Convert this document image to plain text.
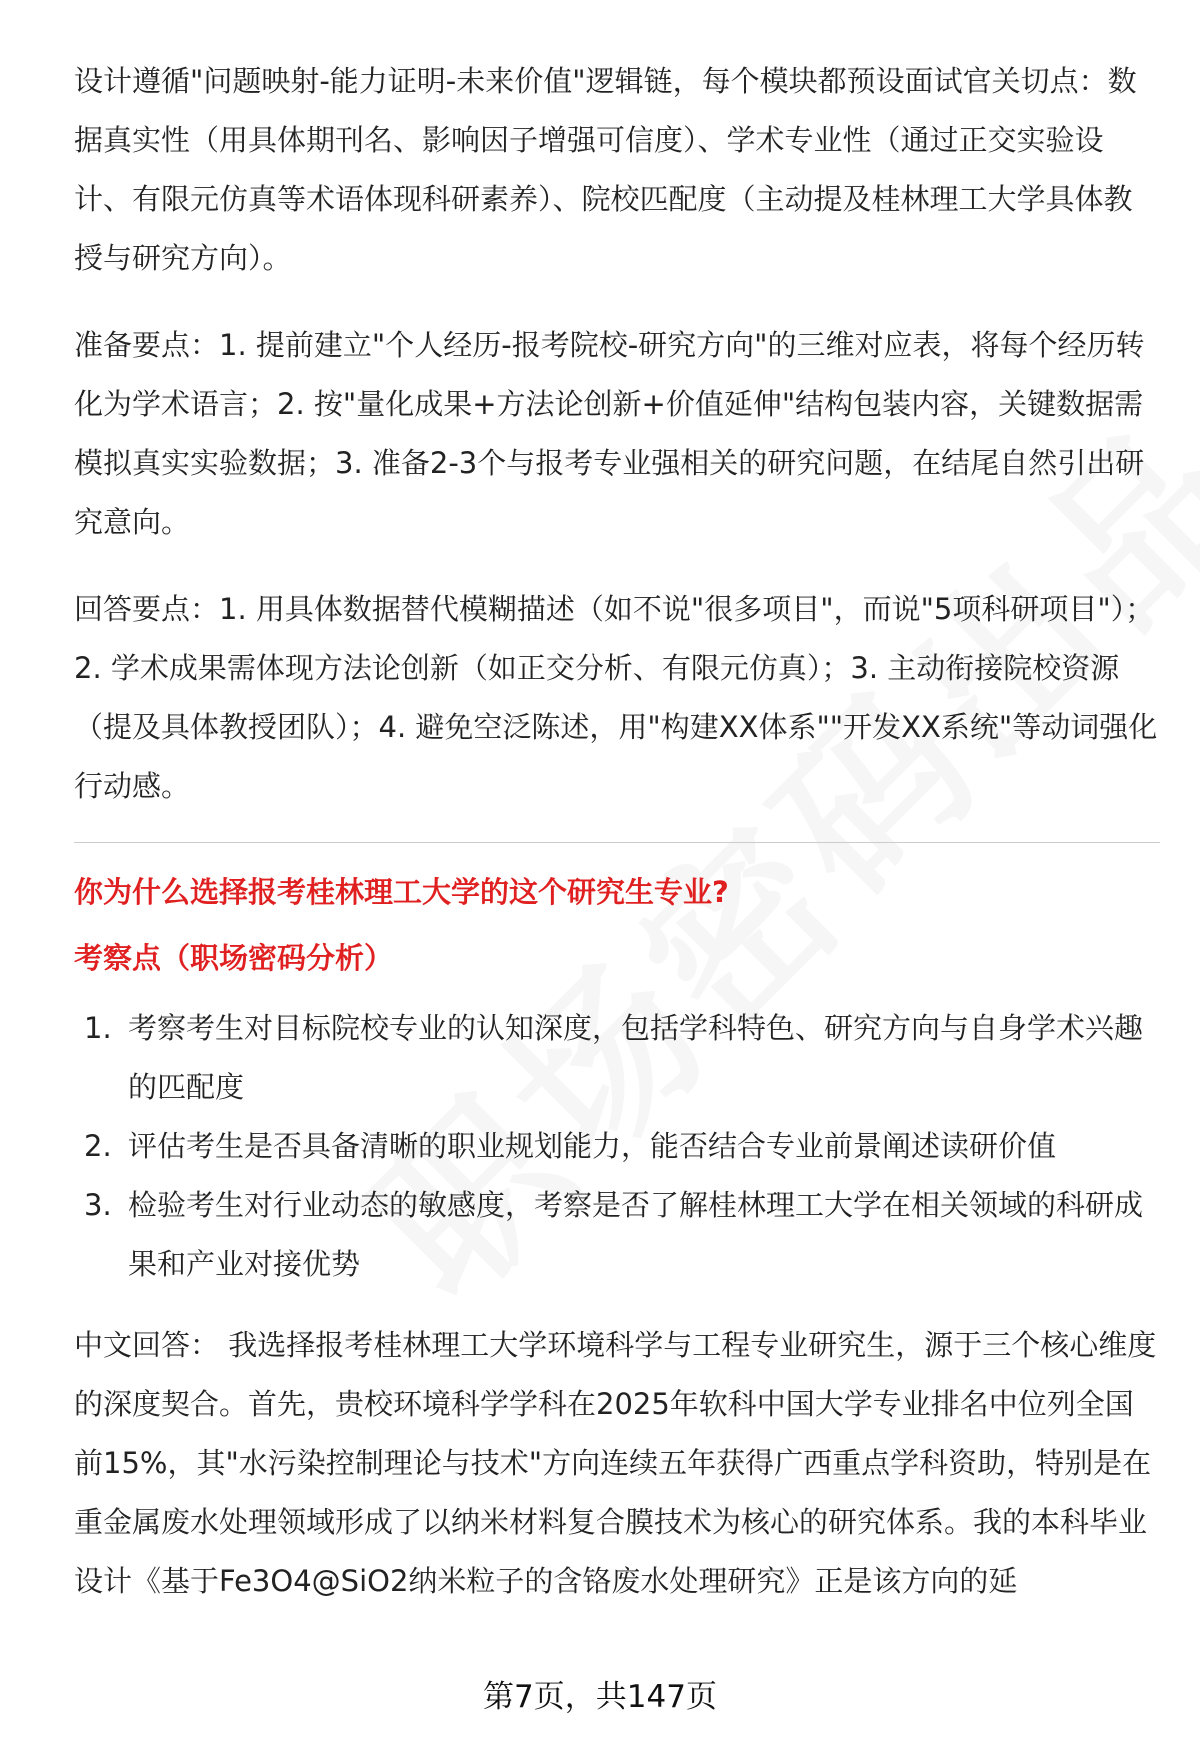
设计遵循"问题映射-能力证明-未来价值"逻辑链，每个模块都预设面试官关切点：数据真实性（用具体期刊名、影响因子增强可信度）、学术专业性（通过正交实验设计、有限元仿真等术语体现科研素养）、院校匹配度（主动提及桂林理工大学具体教授与研究方向）。

准备要点：1. 提前建立"个人经历-报考院校-研究方向"的三维对应表，将每个经历转化为学术语言；2. 按"量化成果+方法论创新+价值延伸"结构包装内容，关键数据需模拟真实实验数据；3. 准备2-3个与报考专业强相关的研究问题，在结尾自然引出研究意向。

回答要点：1. 用具体数据替代模糊描述（如不说"很多项目"，而说"5项科研项目"）；2. 学术成果需体现方法论创新（如正交分析、有限元仿真）；3. 主动衔接院校资源（提及具体教授团队）；4. 避免空泛陈述，用"构建XX体系""开发XX系统"等动词强化行动感。

你为什么选择报考桂林理工大学的这个研究生专业?
考察点（职场密码分析）
1. 考察考生对目标院校专业的认知深度，包括学科特色、研究方向与自身学术兴趣的匹配度
2. 评估考生是否具备清晰的职业规划能力，能否结合专业前景阐述读研价值
3. 检验考生对行业动态的敏感度，考察是否了解桂林理工大学在相关领域的科研成果和产业对接优势

中文回答： 我选择报考桂林理工大学环境科学与工程专业研究生，源于三个核心维度的深度契合。首先，贵校环境科学学科在2025年软科中国大学专业排名中位列全国前15%，其"水污染控制理论与技术"方向连续五年获得广西重点学科资助，特别是在重金属废水处理领域形成了以纳米材料复合膜技术为核心的研究体系。我的本科毕业设计《基于Fe3O4@SiO2纳米粒子的含铬废水处理研究》正是该方向的延

第7页，共147页
